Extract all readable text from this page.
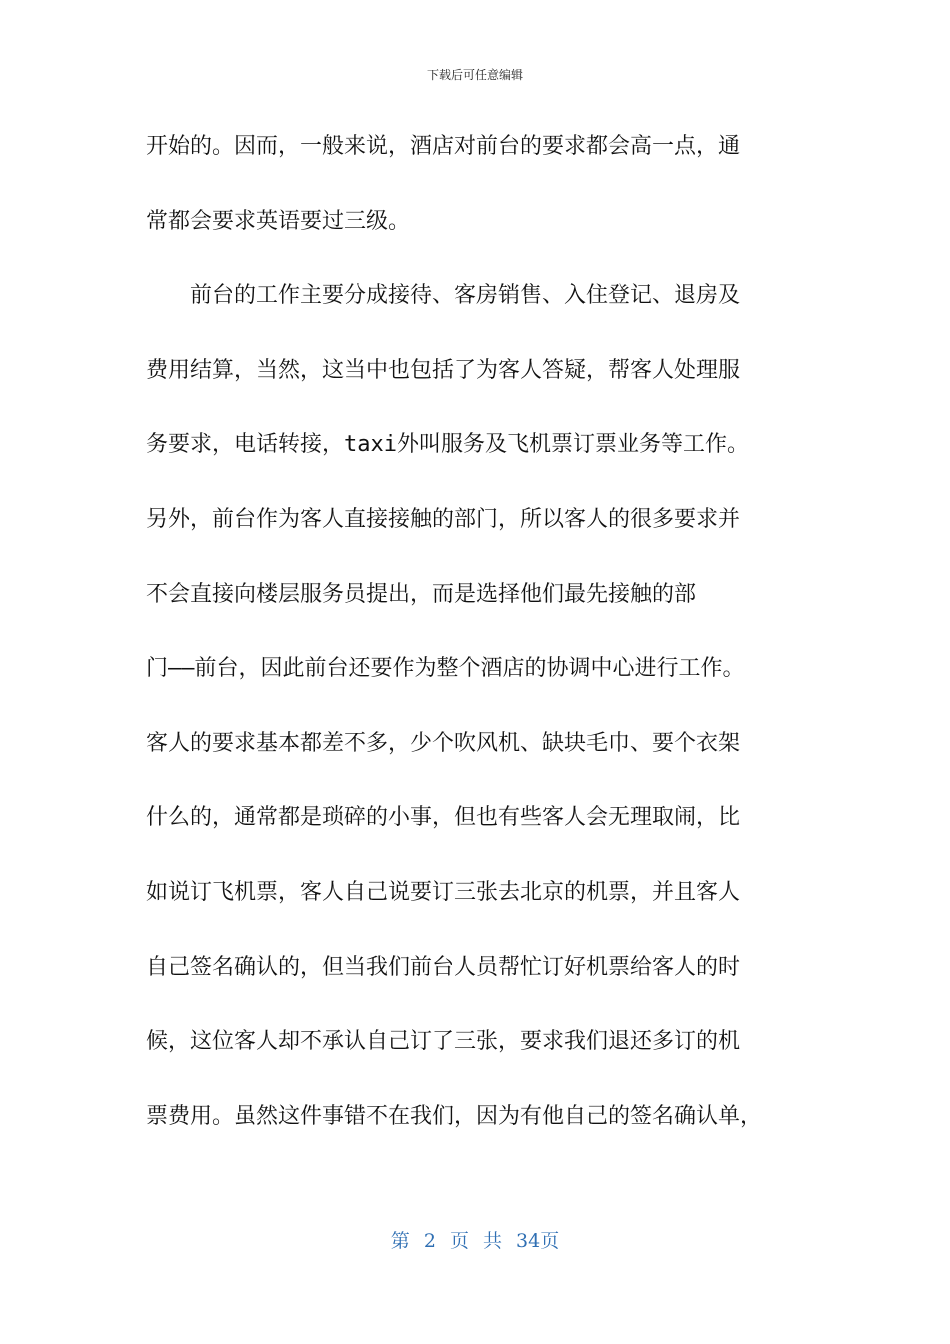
下载后可任意编辑
开始的。因而，一般来说，酒店对前台的要求都会高一点，通
常都会要求英语要过三级。
　　前台的工作主要分成接待、客房销售、入住登记、退房及
费用结算，当然，这当中也包括了为客人答疑，帮客人处理服
务要求，电话转接，taxi外叫服务及飞机票订票业务等工作。
另外，前台作为客人直接接触的部门，所以客人的很多要求并
不会直接向楼层服务员提出，而是选择他们最先接触的部
门——前台，因此前台还要作为整个酒店的协调中心进行工作。
客人的要求基本都差不多，少个吹风机、缺块毛巾、要个衣架
什么的，通常都是琐碎的小事，但也有些客人会无理取闹，比
如说订飞机票，客人自己说要订三张去北京的机票，并且客人
自己签名确认的，但当我们前台人员帮忙订好机票给客人的时
候，这位客人却不承认自己订了三张，要求我们退还多订的机
票费用。虽然这件事错不在我们，因为有他自己的签名确认单，
第 2 页 共 34页
